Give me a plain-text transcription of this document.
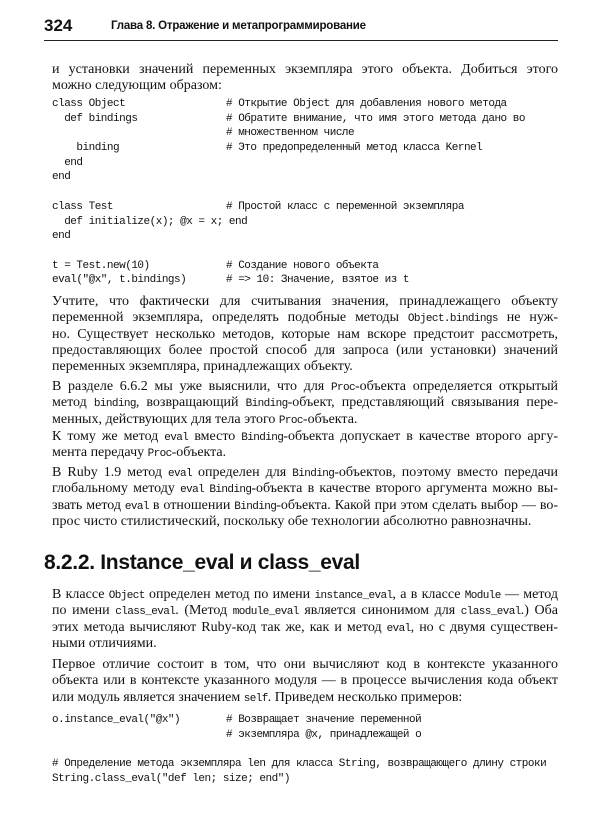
324	Глава 8. Отражение и метапрограммирование
и установки значений переменных экземпляра этого объекта. Добиться этого
можно следующим образом:
class Object	# Открытие Object для добавления нового метода
def bindings	# Обратите внимание, что имя этого метода дано во
# множественном числе
binding	# Это предопределенный метод класса Kernel
end
end
class Test	# Простой класс с переменной экземпляра
def initialize(x); @x = x; end
end
t = Test.new(10)	# Создание нового объекта
eval("@x", t.bindings)	# => 10: Значение, взятое из t
Учтите, что фактически для считывания значения, принадлежащего объекту
переменной экземпляра, определять подобные методы Object.bindings не нуж-
но. Существует несколько методов, которые нам вскоре предстоит рассмотреть,
предоставляющих более простой способ для запроса (или установки) значений
переменных экземпляра, принадлежащих объекту.
В разделе 6.6.2 мы уже выяснили, что для Proc-объекта определяется открытый
метод binding, возвращающий Binding-объект, представляющий связывания пере-
менных, действующих для тела этого Proc-объекта.
К тому же метод eval вместо Binding-объекта допускает в качестве второго аргу-
мента передачу Proc-объекта.
В Ruby 1.9 метод eval определен для Binding-объектов, поэтому вместо передачи
глобальному методу eval Binding-объекта в качестве второго аргумента можно вы-
звать метод eval в отношении Binding-объекта. Какой при этом сделать выбор — во-
прос чисто стилистический, поскольку обе технологии абсолютно равнозначны.
8.2.2. Instance_eval и class_eval
В классе Object определен метод по имени instance_eval, а в классе Module — метод
по имени class_eval. (Метод module_eval является синонимом для class_eval.) Оба
этих метода вычисляют Ruby-код так же, как и метод eval, но с двумя существен-
ными отличиями.
Первое отличие состоит в том, что они вычисляют код в контексте указанного
объекта или в контексте указанного модуля — в процессе вычисления кода объект
или модуль является значением self. Приведем несколько примеров:
o.instance_eval("@x")	# Возвращает значение переменной
# экземпляра @x, принадлежащей o
# Определение метода экземпляра len для класса String, возвращающего длину строки
String.class_eval("def len; size; end")
